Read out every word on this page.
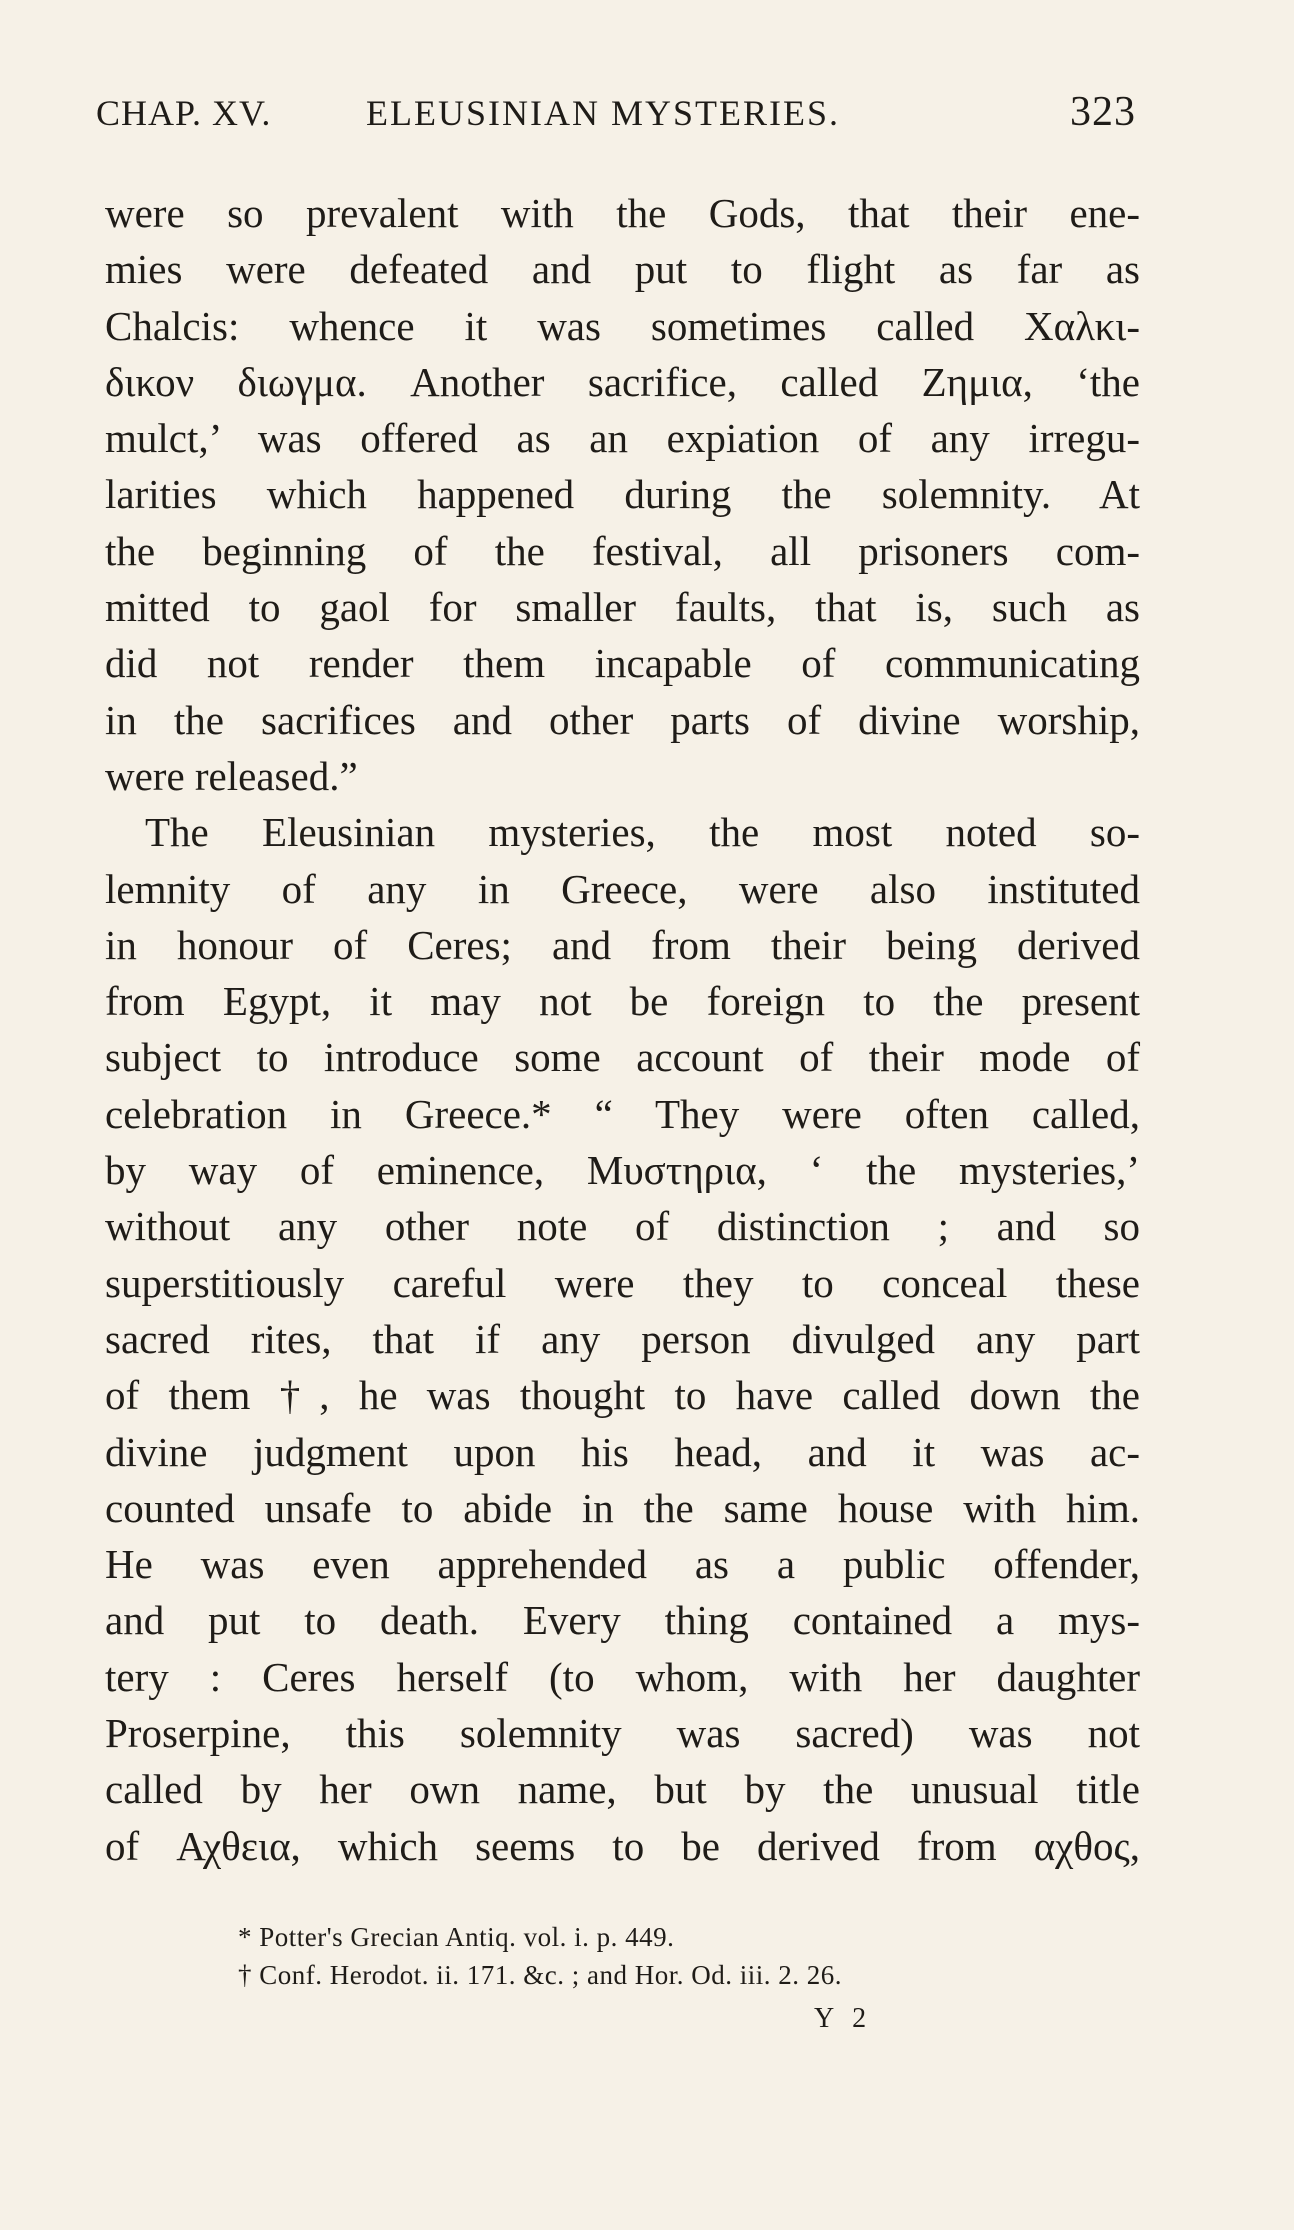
CHAP. XV.	ELEUSINIAN MYSTERIES.	323
were so prevalent with the Gods, that their ene-
mies were defeated and put to flight as far as
Chalcis: whence it was sometimes called Χαλκι-
δικον διωγμα. Another sacrifice, called Ζημια, ‘the
mulct,’ was offered as an expiation of any irregu-
larities which happened during the solemnity. At
the beginning of the festival, all prisoners com-
mitted to gaol for smaller faults, that is, such as
did not render them incapable of communicating
in the sacrifices and other parts of divine worship,
were released.”
The Eleusinian mysteries, the most noted so-
lemnity of any in Greece, were also instituted
in honour of Ceres; and from their being derived
from Egypt, it may not be foreign to the present
subject to introduce some account of their mode of
celebration in Greece.* “ They were often called,
by way of eminence, Μυστηρια, ‘ the mysteries,’
without any other note of distinction ; and so
superstitiously careful were they to conceal these
sacred rites, that if any person divulged any part
of them †, he was thought to have called down the
divine judgment upon his head, and it was ac-
counted unsafe to abide in the same house with him.
He was even apprehended as a public offender,
and put to death. Every thing contained a mys-
tery : Ceres herself (to whom, with her daughter
Proserpine, this solemnity was sacred) was not
called by her own name, but by the unusual title
of Αχθεια, which seems to be derived from αχθος,
* Potter's Grecian Antiq. vol. i. p. 449.
† Conf. Herodot. ii. 171. &c. ; and Hor. Od. iii. 2. 26.
Y 2
